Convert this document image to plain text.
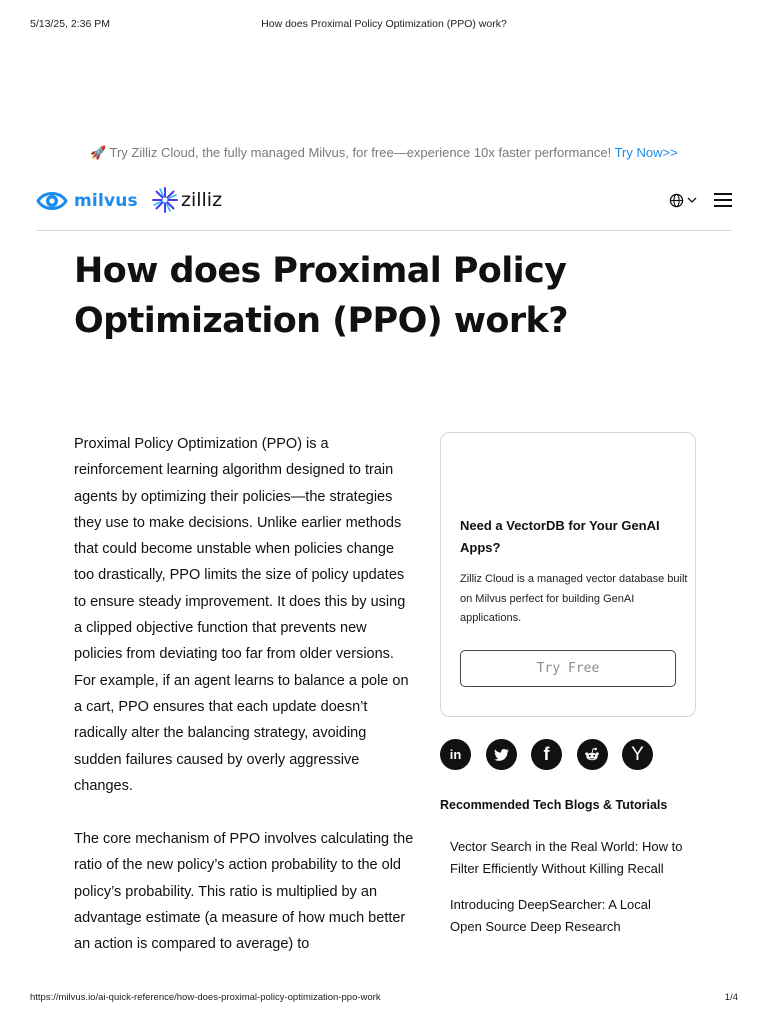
5/13/25, 2:36 PM	How does Proximal Policy Optimization (PPO) work?
🚀 Try Zilliz Cloud, the fully managed Milvus, for free—experience 10x faster performance! Try Now>>
milvus zilliz
How does Proximal Policy Optimization (PPO) work?

Proximal Policy Optimization (PPO) is a reinforcement learning algorithm designed to train agents by optimizing their policies—the strategies they use to make decisions. Unlike earlier methods that could become unstable when policies change too drastically, PPO limits the size of policy updates to ensure steady improvement. It does this by using a clipped objective function that prevents new policies from deviating too far from older versions. For example, if an agent learns to balance a pole on a cart, PPO ensures that each update doesn’t radically alter the balancing strategy, avoiding sudden failures caused by overly aggressive changes.

The core mechanism of PPO involves calculating the ratio of the new policy’s action probability to the old policy’s probability. This ratio is multiplied by an advantage estimate (a measure of how much better an action is compared to average) to

Need a VectorDB for Your GenAI Apps?
Zilliz Cloud is a managed vector database built on Milvus perfect for building GenAI applications.
Try Free
in	f	Y
Recommended Tech Blogs & Tutorials
Vector Search in the Real World: How to Filter Efficiently Without Killing Recall
Introducing DeepSearcher: A Local Open Source Deep Research
https://milvus.io/ai-quick-reference/how-does-proximal-policy-optimization-ppo-work	1/4
